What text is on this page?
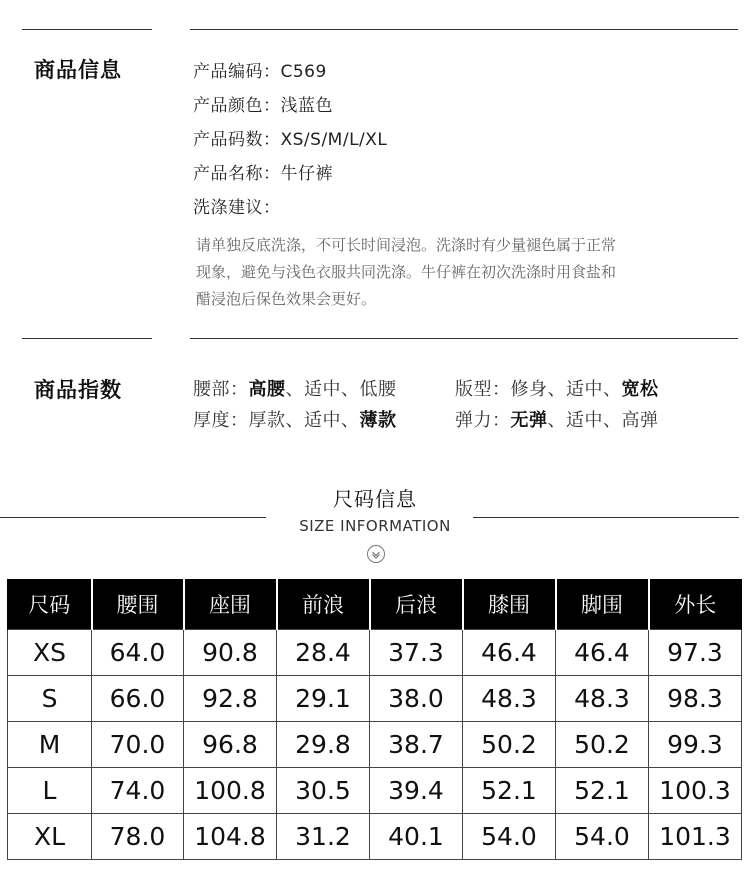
商品信息	产品编码：C569
产品颜色：浅蓝色
产品码数：XS/S/M/L/XL
产品名称：牛仔裤
洗涤建议：

请单独反底洗涤，不可长时间浸泡。洗涤时有少量褪色属于正常

现象，避免与浅色衣服共同洗涤。牛仔裤在初次洗涤时用食盐和

醋浸泡后保色效果会更好。

商品指数	腰部：高腰、适中、低腰	版型：修身、适中、宽松
厚度：厚款、适中、薄款	弹力：无弹、适中、高弹
尺码信息
SIZE INFORMATION
尺码	腰围	座围	前浪	后浪	膝围	脚围	外长
XS	64.0	90.8	28.4	37.3	46.4	46.4	97.3
S	66.0	92.8	29.1	38.0	48.3	48.3	98.3
M	70.0	96.8	29.8	38.7	50.2	50.2	99.3
L	74.0	100.8	30.5	39.4	52.1	52.1	100.3
XL	78.0	104.8	31.2	40.1	54.0	54.0	101.3
